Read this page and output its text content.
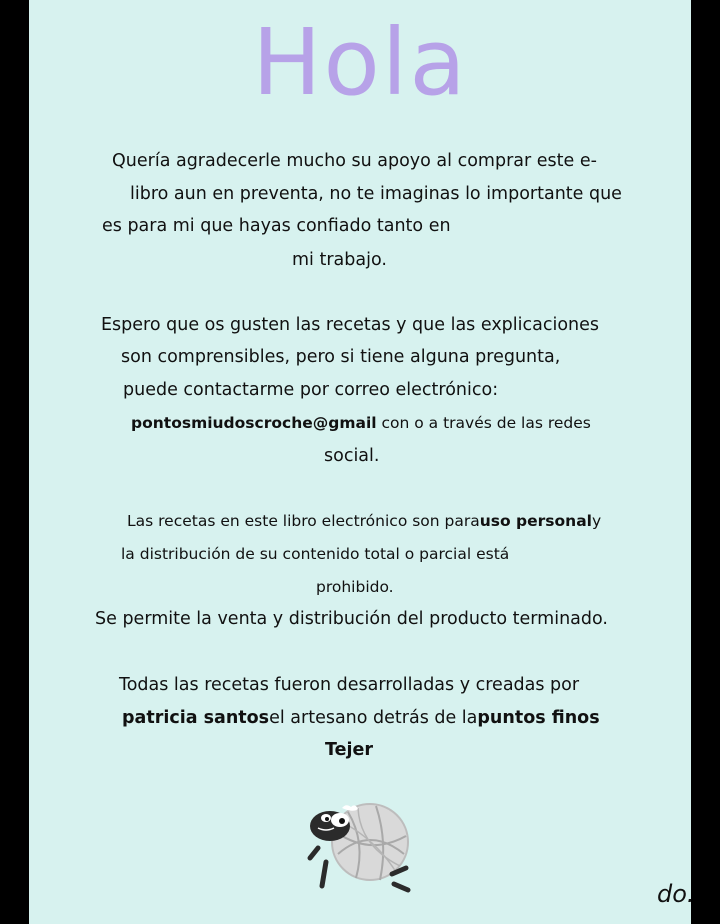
Hola
Quería agradecerle mucho su apoyo al comprar este e-
libro aun en preventa, no te imaginas lo importante que
es para mi que hayas confiado tanto en
mi trabajo.
Espero que os gusten las recetas y que las explicaciones
son comprensibles, pero si tiene alguna pregunta,
puede contactarme por correo electrónico:
pontosmiudoscroche@gmail con o a través de las redes
social.
Las recetas en este libro electrónico son parauso personaly
la distribución de su contenido total o parcial está
prohibido.
Se permite la venta y distribución del producto terminado.
Todas las recetas fueron desarrolladas y creadas por
patricia santosel artesano detrás de lapuntos finos
Tejer
do.
